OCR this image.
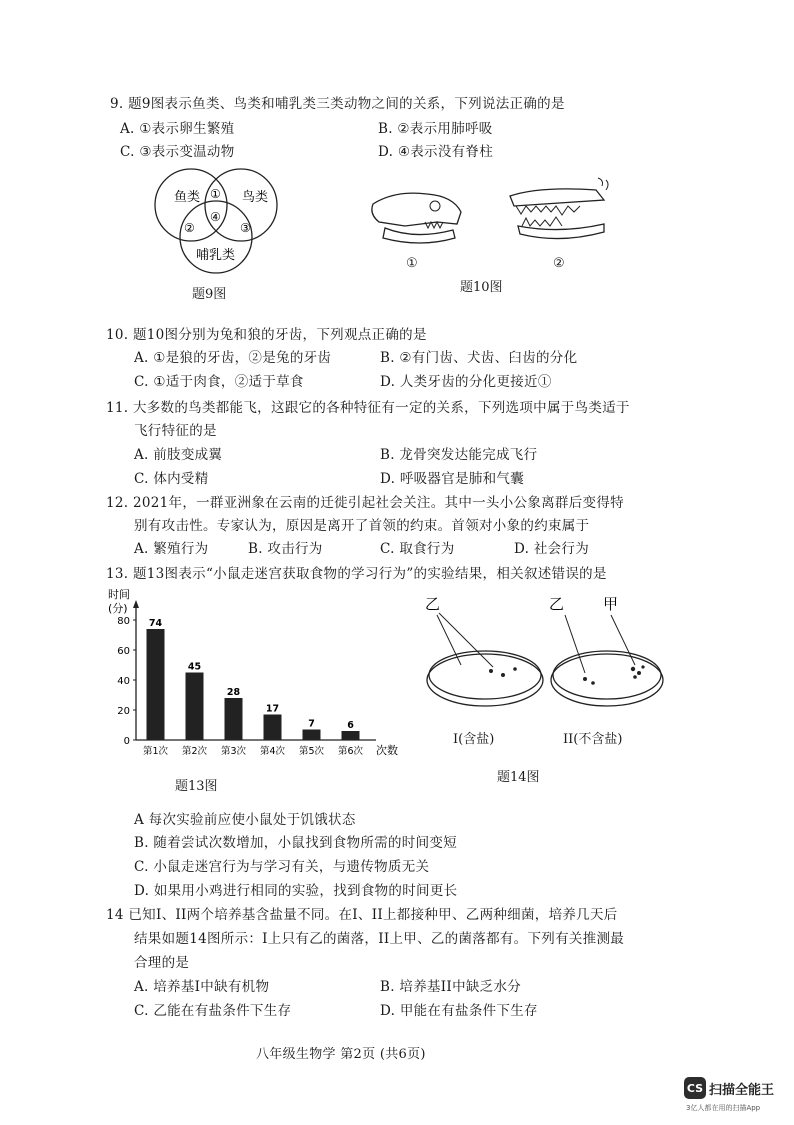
9. 题9图表示鱼类、鸟类和哺乳类三类动物之间的关系，下列说法正确的是
A. ①表示卵生繁殖	B. ②表示用肺呼吸
C. ③表示变温动物	D. ④表示没有脊柱
鱼类	鸟类
哺乳类
①
②	③
④
题9图
①	②
题10图
10. 题10图分别为兔和狼的牙齿，下列观点正确的是
A. ①是狼的牙齿，②是兔的牙齿	B. ②有门齿、犬齿、臼齿的分化
C. ①适于肉食，②适于草食	D. 人类牙齿的分化更接近①
11. 大多数的鸟类都能飞，这跟它的各种特征有一定的关系，下列选项中属于鸟类适于
飞行特征的是
A. 前肢变成翼	B. 龙骨突发达能完成飞行
C. 体内受精	D. 呼吸器官是肺和气囊
12. 2021年，一群亚洲象在云南的迁徙引起社会关注。其中一头小公象离群后变得特
别有攻击性。专家认为，原因是离开了首领的约束。首领对小象的约束属于
A. 繁殖行为	B. 攻击行为	C. 取食行为	D. 社会行为
13. 题13图表示“小鼠走迷宫获取食物的学习行为”的实验结果，相关叙述错误的是
时间
(分)
次数
0
20
40
60
80 74
第1次
45
第2次
28
第3次
17
第4次
7
第5次
6
第6次
题13图
乙	乙	甲
I(含盐)	II(不含盐)
题14图
A 每次实验前应使小鼠处于饥饿状态
B. 随着尝试次数增加，小鼠找到食物所需的时间变短
C. 小鼠走迷宫行为与学习有关，与遗传物质无关
D. 如果用小鸡进行相同的实验，找到食物的时间更长
14 已知I、II两个培养基含盐量不同。在I、II上都接种甲、乙两种细菌，培养几天后
结果如题14图所示：I上只有乙的菌落，II上甲、乙的菌落都有。下列有关推测最
合理的是
A. 培养基I中缺有机物	B. 培养基II中缺乏水分
C. 乙能在有盐条件下生存	D. 甲能在有盐条件下生存
八年级生物学 第2页 (共6页)
CS 扫描全能王
3亿人都在用的扫描App
